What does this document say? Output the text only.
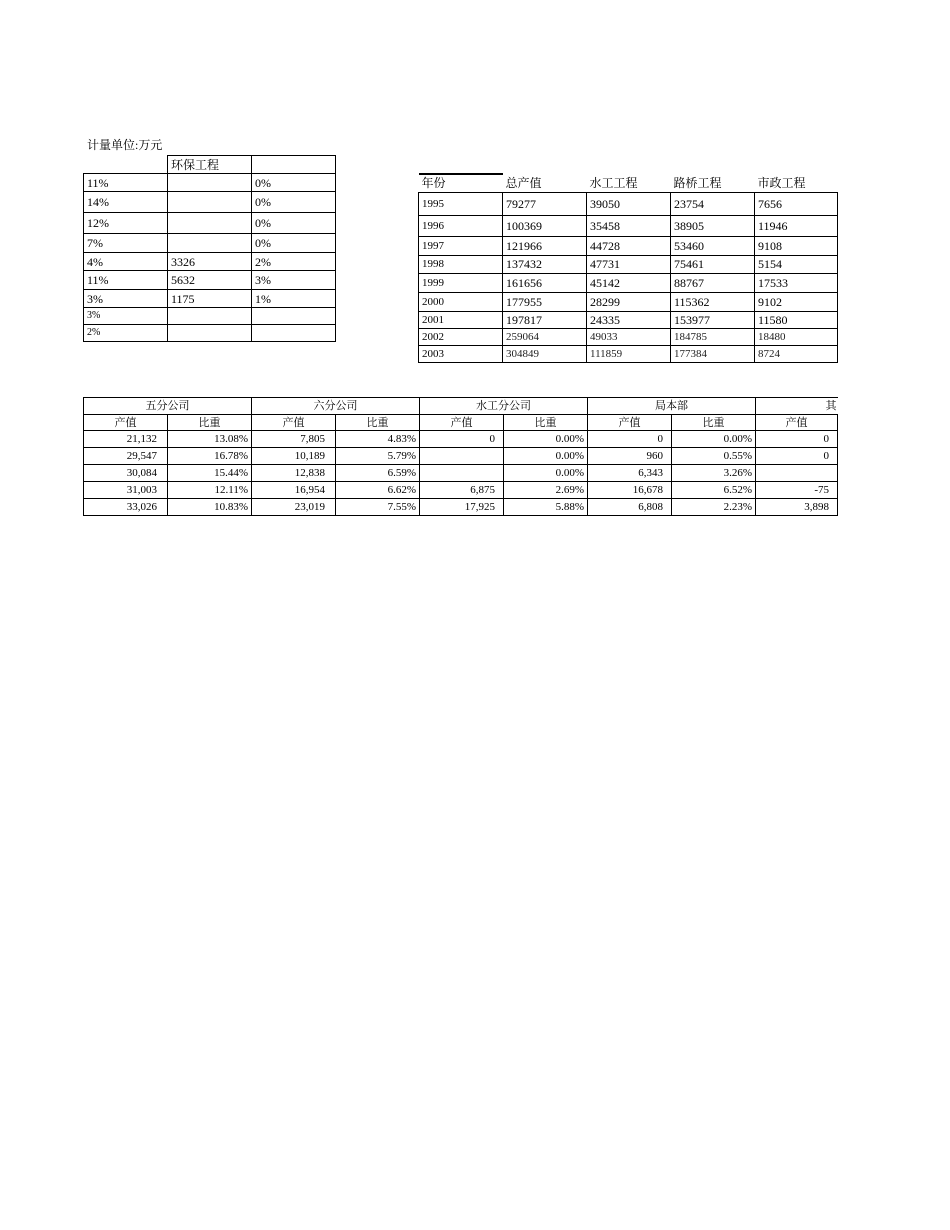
计量单位:万元
	环保工程	
11%		0%
14%		0%
12%		0%
7%		0%
4%	3326	2%
11%	5632	3%
3%	1175	1%
3%		
2%		
年份	总产值	水工工程	路桥工程	市政工程
1995	79277	39050	23754	7656
1996	100369	35458	38905	11946
1997	121966	44728	53460	9108
1998	137432	47731	75461	5154
1999	161656	45142	88767	17533
2000	177955	28299	115362	9102
2001	197817	24335	153977	11580
2002	259064	49033	184785	18480
2003	304849	111859	177384	8724
五分公司		六分公司		水工分公司		局本部		其
产值	比重	产值	比重	产值	比重	产值	比重	产值
21,132	13.08%	7,805	4.83%	0	0.00%	0	0.00%	0
29,547	16.78%	10,189	5.79%		0.00%	960	0.55%	0
30,084	15.44%	12,838	6.59%		0.00%	6,343	3.26%	
31,003	12.11%	16,954	6.62%	6,875	2.69%	16,678	6.52%	-75
33,026	10.83%	23,019	7.55%	17,925	5.88%	6,808	2.23%	3,898
